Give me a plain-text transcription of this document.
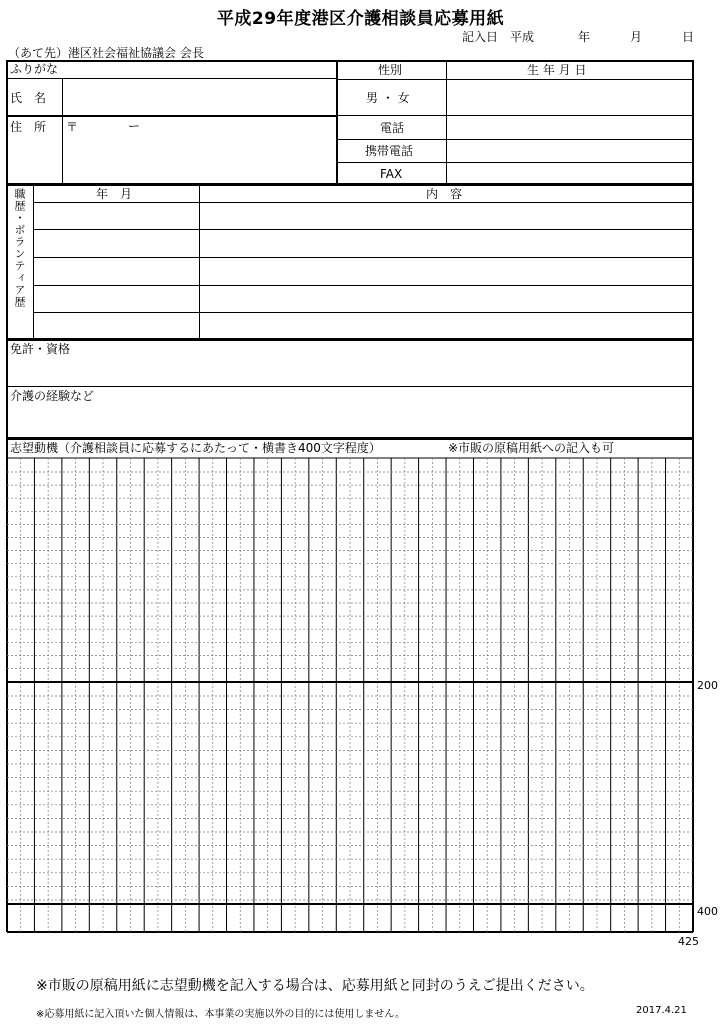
平成29年度港区介護相談員応募用紙
記入日 平成	年	月	日
（あて先）港区社会福祉協議会 会長
ふりがな
氏　名
住　所 〒	ー
性別
男 ・ 女
生 年 月 日
電話
携帯電話
FAX
職歴・ボランティア歴	年　月	内　容
免許・資格
介護の経験など
志望動機（介護相談員に応募するにあたって・横書き400文字程度）	※市販の原稿用紙への記入も可
200
400
425
※市販の原稿用紙に志望動機を記入する場合は、応募用紙と同封のうえご提出ください。
※応募用紙に記入頂いた個人情報は、本事業の実施以外の目的には使用しません。	2017.4.21
